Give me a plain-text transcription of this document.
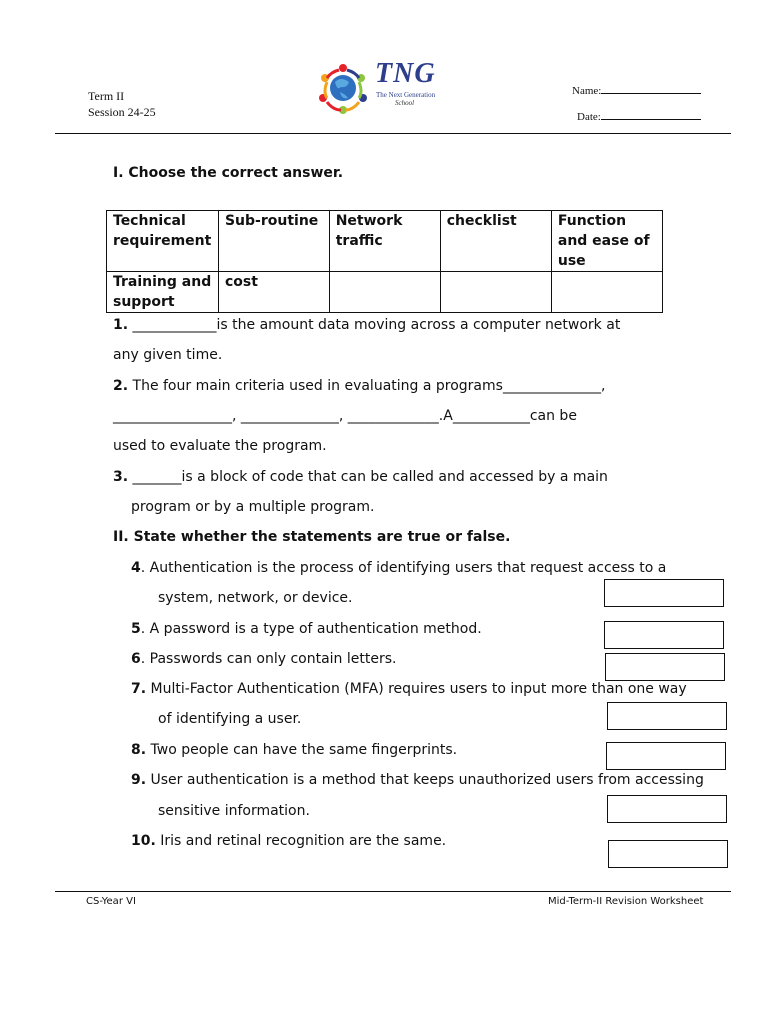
Term II
Session 24-25
TNG
The Next Generation
School
Name:
Date:
I. Choose the correct answer.
Technical requirement	Sub-routine	Network traffic	checklist	Function and ease of use
Training and support	cost			
1. ____________is the amount data moving across a computer network at
any given time.
2. The four main criteria used in evaluating a programs______________,
_________________, ______________, _____________.A___________can be
used to evaluate the program.
3. _______is a block of code that can be called and accessed by a main
program or by a multiple program.
II. State whether the statements are true or false.
4. Authentication is the process of identifying users that request access to a
system, network, or device.
5. A password is a type of authentication method.
6. Passwords can only contain letters.
7. Multi-Factor Authentication (MFA) requires users to input more than one way
of identifying a user.
8. Two people can have the same fingerprints.
9. User authentication is a method that keeps unauthorized users from accessing
sensitive information.
10. Iris and retinal recognition are the same.
CS-Year VI	Mid-Term-II Revision Worksheet
